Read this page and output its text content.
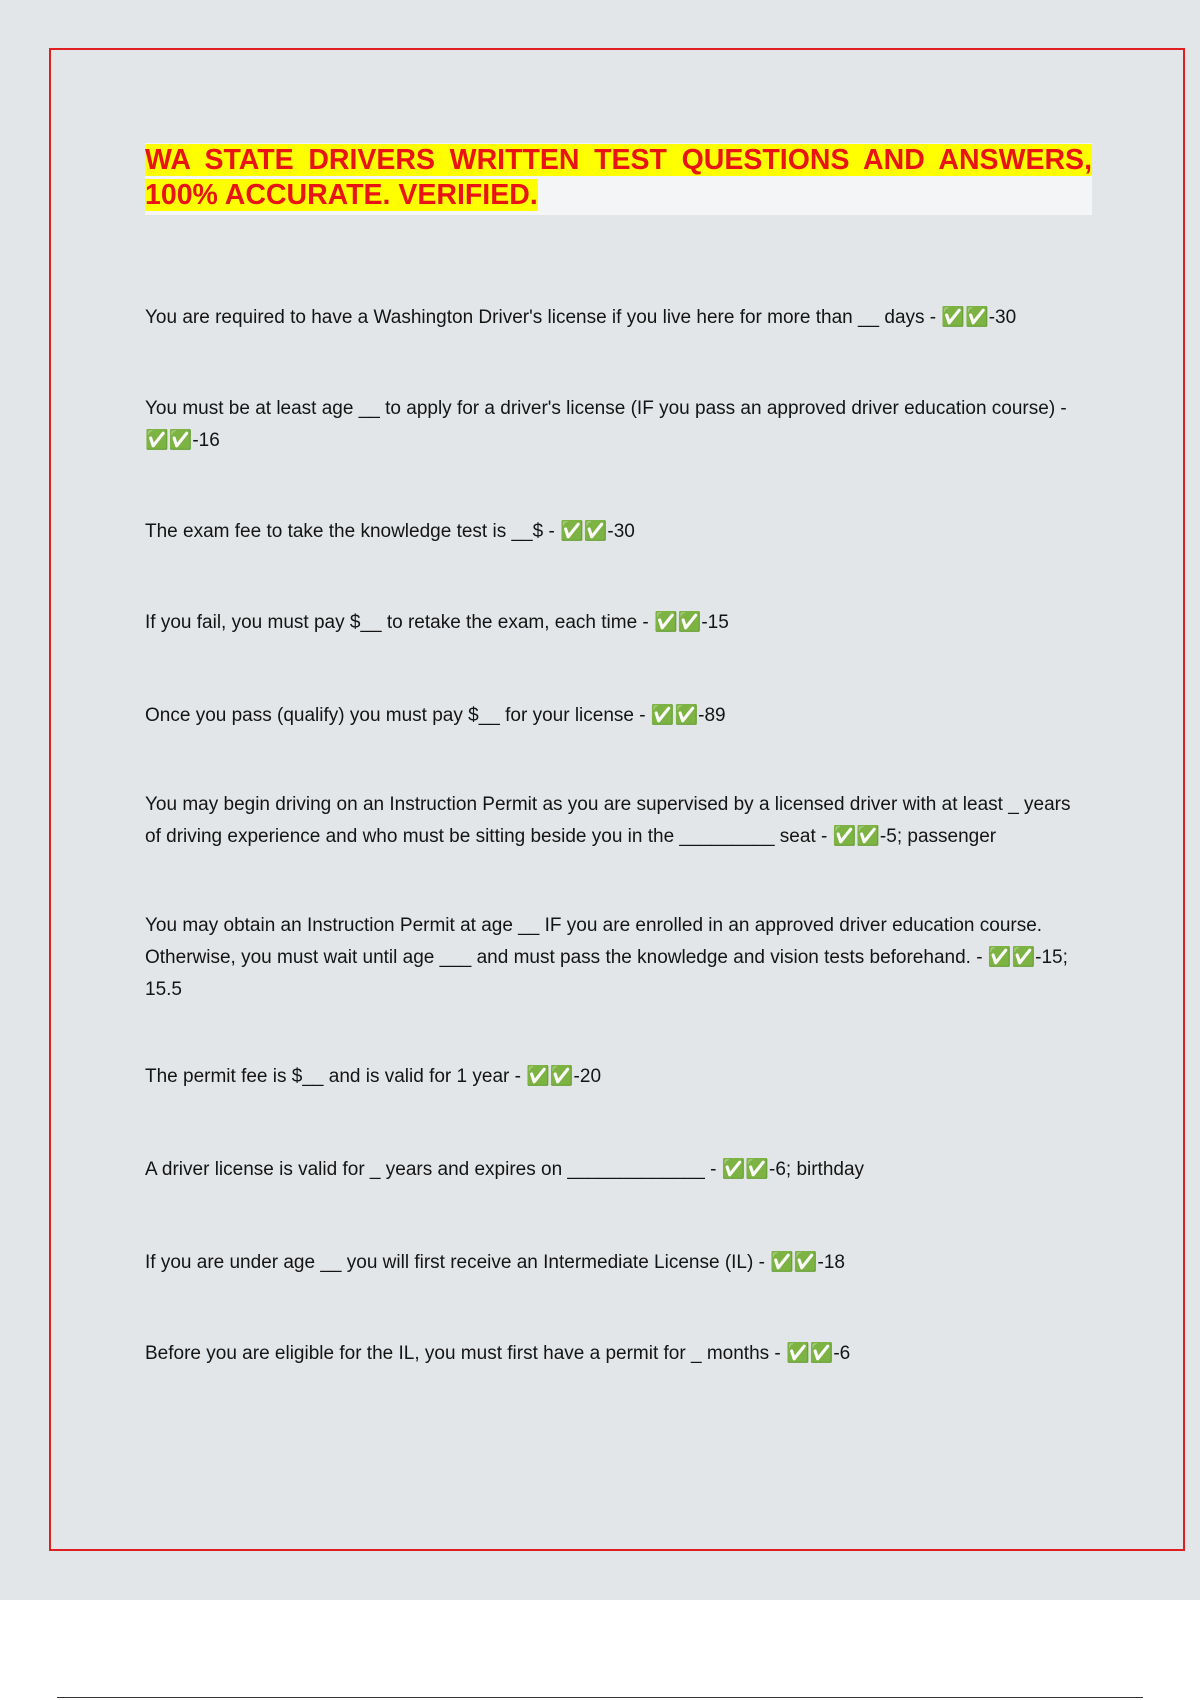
WA STATE DRIVERS WRITTEN TEST QUESTIONS AND ANSWERS, 100% ACCURATE. VERIFIED.

You are required to have a Washington Driver's license if you live here for more than __ days - ✅✅-30

You must be at least age __ to apply for a driver's license (IF you pass an approved driver education course) - ✅✅-16

The exam fee to take the knowledge test is __$ - ✅✅-30

If you fail, you must pay $__ to retake the exam, each time - ✅✅-15

Once you pass (qualify) you must pay $__ for your license - ✅✅-89

You may begin driving on an Instruction Permit as you are supervised by a licensed driver with at least _ years of driving experience and who must be sitting beside you in the _________ seat - ✅✅-5; passenger

You may obtain an Instruction Permit at age __ IF you are enrolled in an approved driver education course. Otherwise, you must wait until age ___ and must pass the knowledge and vision tests beforehand. - ✅✅-15; 15.5

The permit fee is $__ and is valid for 1 year - ✅✅-20

A driver license is valid for _ years and expires on _____________ - ✅✅-6; birthday

If you are under age __ you will first receive an Intermediate License (IL) - ✅✅-18

Before you are eligible for the IL, you must first have a permit for _ months - ✅✅-6
